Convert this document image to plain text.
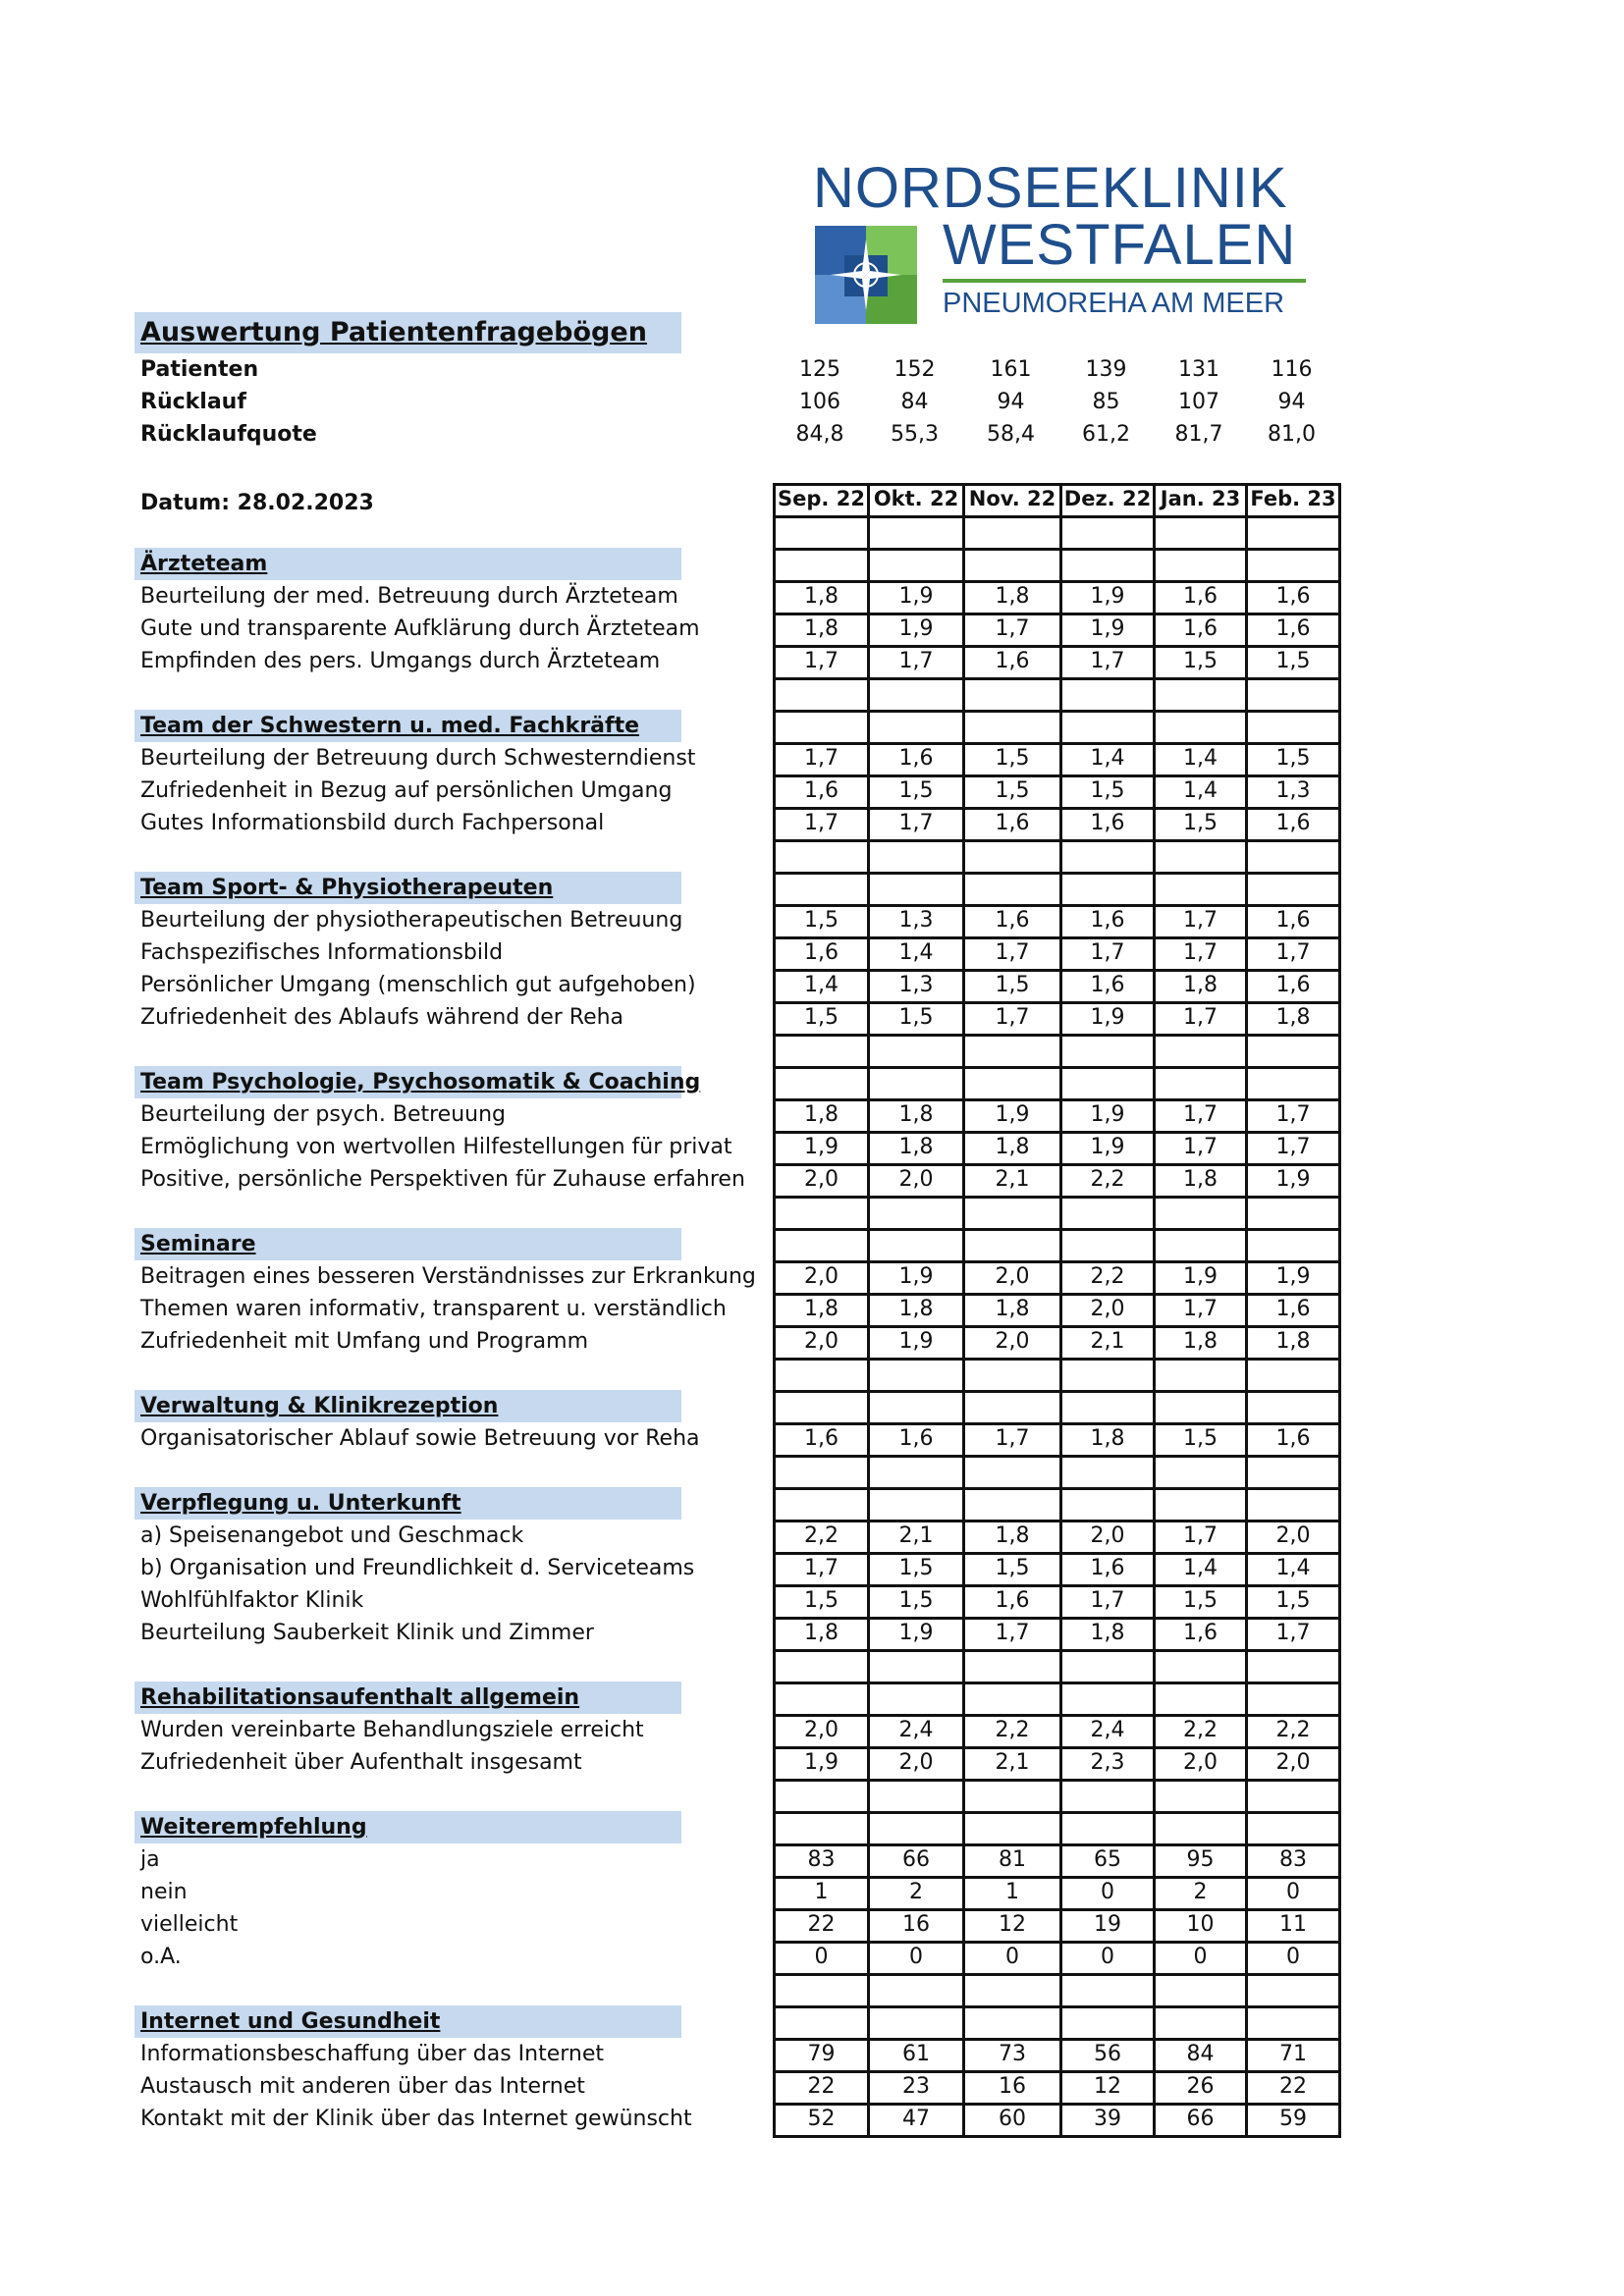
NORDSEEKLINIK
WESTFALEN
PNEUMOREHA AM MEER
Auswertung Patientenfragebögen
Patienten	125	152	161	139	131	116
Rücklauf	106	84	94	85	107	94
Rücklaufquote	84,8	55,3	58,4	61,2	81,7	81,0
Datum: 28.02.2023	Sep. 22 Okt. 22 Nov. 22 Dez. 22 Jan. 23 Feb. 23
Ärzteteam
Beurteilung der med. Betreuung durch Ärzteteam	1,8	1,9	1,8	1,9	1,6	1,6
Gute und transparente Aufklärung durch Ärzteteam	1,8	1,9	1,7	1,9	1,6	1,6
Empfinden des pers. Umgangs durch Ärzteteam	1,7	1,7	1,6	1,7	1,5	1,5
Team der Schwestern u. med. Fachkräfte
Beurteilung der Betreuung durch Schwesterndienst	1,7	1,6	1,5	1,4	1,4	1,5
Zufriedenheit in Bezug auf persönlichen Umgang	1,6	1,5	1,5	1,5	1,4	1,3
Gutes Informationsbild durch Fachpersonal	1,7	1,7	1,6	1,6	1,5	1,6
Team Sport- & Physiotherapeuten
Beurteilung der physiotherapeutischen Betreuung	1,5	1,3	1,6	1,6	1,7	1,6
Fachspezifisches Informationsbild	1,6	1,4	1,7	1,7	1,7	1,7
Persönlicher Umgang (menschlich gut aufgehoben)	1,4	1,3	1,5	1,6	1,8	1,6
Zufriedenheit des Ablaufs während der Reha	1,5	1,5	1,7	1,9	1,7	1,8
Team Psychologie, Psychosomatik & Coaching
Beurteilung der psych. Betreuung	1,8	1,8	1,9	1,9	1,7	1,7
Ermöglichung von wertvollen Hilfestellungen für privat	1,9	1,8	1,8	1,9	1,7	1,7
Positive, persönliche Perspektiven für Zuhause erfahren	2,0	2,0	2,1	2,2	1,8	1,9
Seminare
Beitragen eines besseren Verständnisses zur Erkrankung	2,0	1,9	2,0	2,2	1,9	1,9
Themen waren informativ, transparent u. verständlich	1,8	1,8	1,8	2,0	1,7	1,6
Zufriedenheit mit Umfang und Programm	2,0	1,9	2,0	2,1	1,8	1,8
Verwaltung & Klinikrezeption
Organisatorischer Ablauf sowie Betreuung vor Reha	1,6	1,6	1,7	1,8	1,5	1,6
Verpflegung u. Unterkunft
a) Speisenangebot und Geschmack	2,2	2,1	1,8	2,0	1,7	2,0
b) Organisation und Freundlichkeit d. Serviceteams	1,7	1,5	1,5	1,6	1,4	1,4
Wohlfühlfaktor Klinik	1,5	1,5	1,6	1,7	1,5	1,5
Beurteilung Sauberkeit Klinik und Zimmer	1,8	1,9	1,7	1,8	1,6	1,7
Rehabilitationsaufenthalt allgemein
Wurden vereinbarte Behandlungsziele erreicht	2,0	2,4	2,2	2,4	2,2	2,2
Zufriedenheit über Aufenthalt insgesamt	1,9	2,0	2,1	2,3	2,0	2,0
Weiterempfehlung
ja	83	66	81	65	95	83
nein	1	2	1	0	2	0
vielleicht	22	16	12	19	10	11
o.A.	0	0	0	0	0	0
Internet und Gesundheit
Informationsbeschaffung über das Internet	79	61	73	56	84	71
Austausch mit anderen über das Internet	22	23	16	12	26	22
Kontakt mit der Klinik über das Internet gewünscht	52	47	60	39	66	59
